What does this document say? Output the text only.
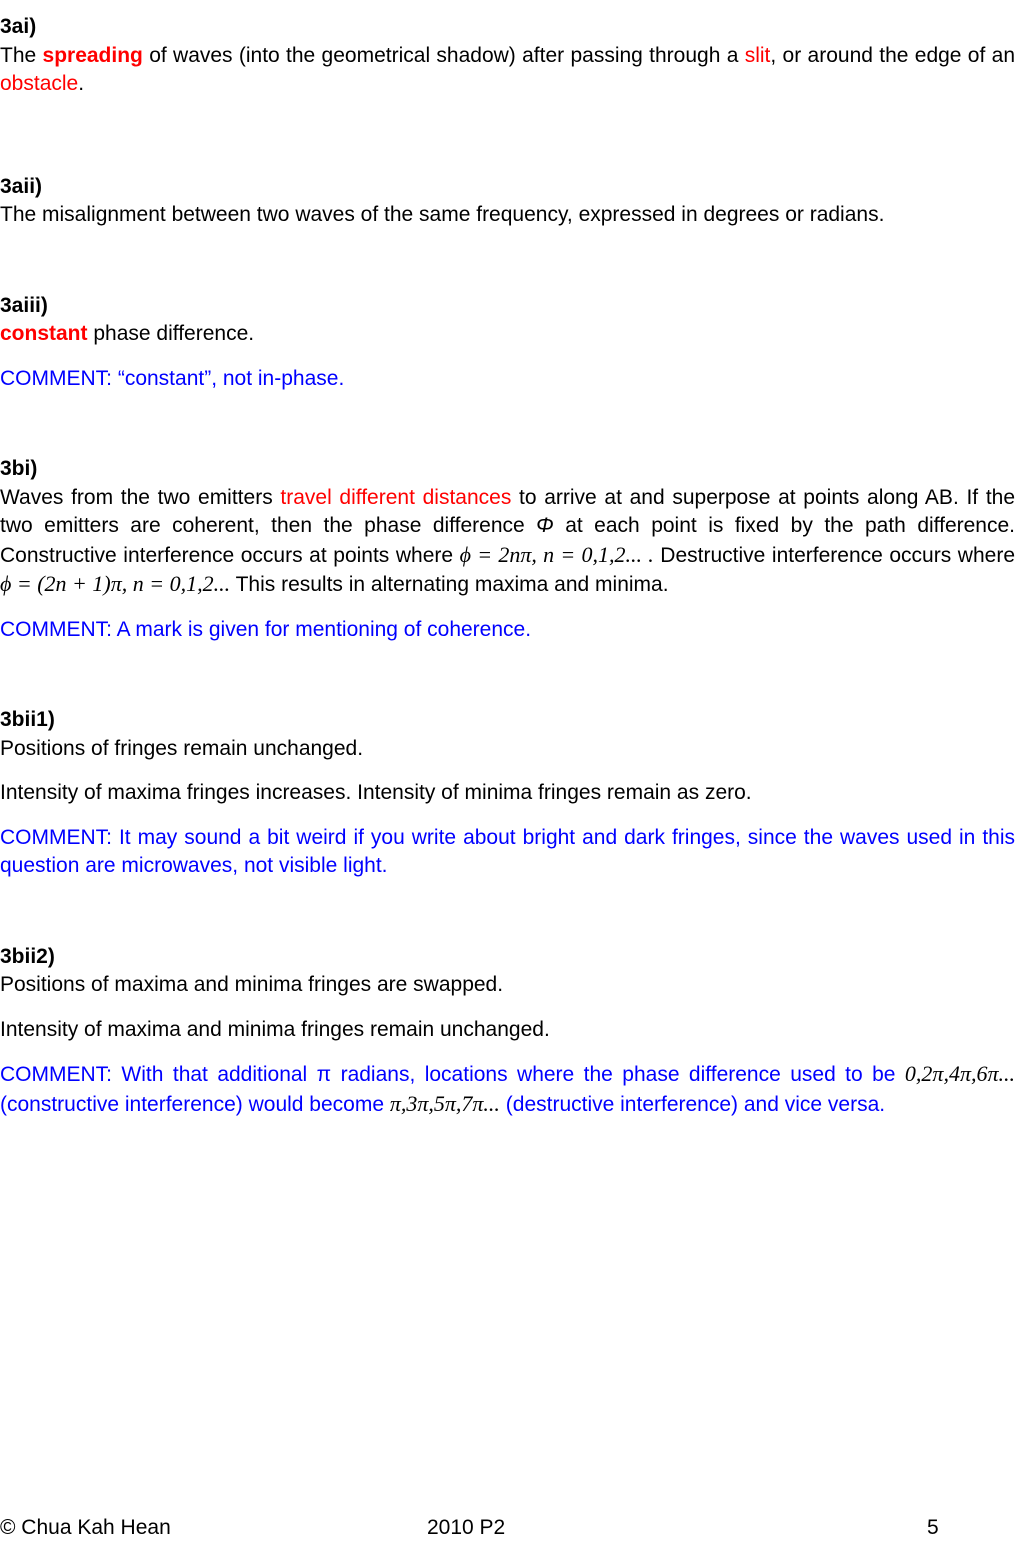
3ai)

The spreading of waves (into the geometrical shadow) after passing through a slit, or around the edge of an obstacle.

3aii)

The misalignment between two waves of the same frequency, expressed in degrees or radians.

3aiii)

constant phase difference.

COMMENT: “constant”, not in-phase.

3bi)

Waves from the two emitters travel different distances to arrive at and superpose at points along AB. If the two emitters are coherent, then the phase difference Φ at each point is fixed by the path difference. Constructive interference occurs at points where ϕ = 2nπ, n = 0,1,2... . Destructive interference occurs where ϕ = (2n + 1)π, n = 0,1,2... This results in alternating maxima and minima.

COMMENT: A mark is given for mentioning of coherence.

3bii1)

Positions of fringes remain unchanged.

Intensity of maxima fringes increases. Intensity of minima fringes remain as zero.

COMMENT: It may sound a bit weird if you write about bright and dark fringes, since the waves used in this question are microwaves, not visible light.

3bii2)

Positions of maxima and minima fringes are swapped.

Intensity of maxima and minima fringes remain unchanged.

COMMENT: With that additional π radians, locations where the phase difference used to be 0,2π,4π,6π... (constructive interference) would become π,3π,5π,7π... (destructive interference) and vice versa.

© Chua Kah Hean	2010 P2	5
